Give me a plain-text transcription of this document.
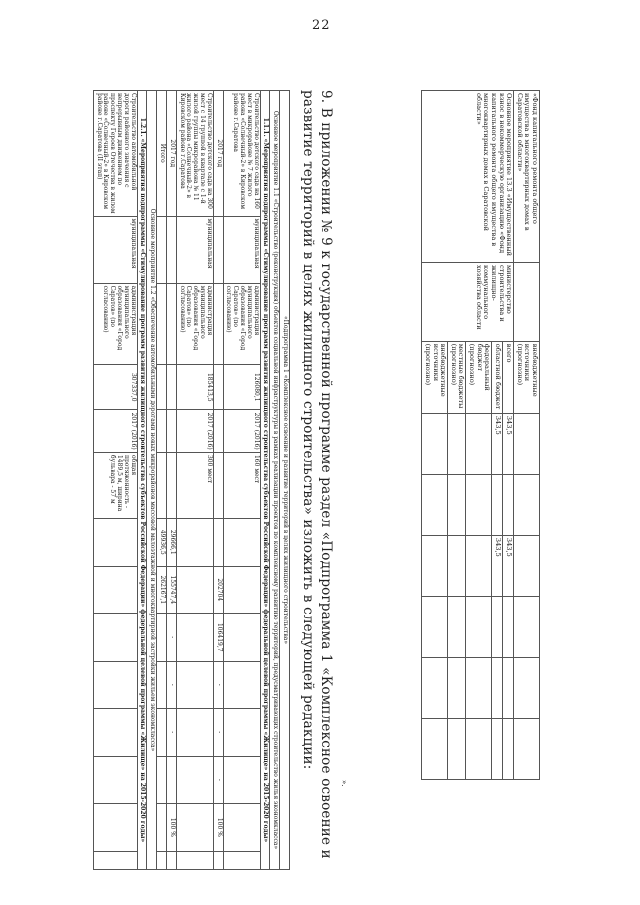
22
«Фонд капитального ремонта общего имущества в многоквартирных домах в Саратовской области»		внебюджетные источники (прогнозно)						
Основное мероприятие 13.3 «Имущественный взнос в некоммерческую организацию «Фонд капитального ремонта общего имущества в многоквартирных домах в Саратовской области»	министерство строительства и жилищно-коммунального хозяйства области	всего	343,5		343,5			
		областной бюджет	343,5		343,5			
		федеральный бюджет (прогнозно)						
		местные бюджеты (прогнозно)						
		внебюджетные источники (прогнозно)						
».
9. В приложении № 9 к государственной программе раздел «Подпрограмма 1 «Комплексное освоение и развитие территорий в целях жилищного строительства» изложить в следующей редакции:
«Подпрограмма 1 «Комплексное освоение и развитие территорий в целях жилищного строительства»													
Основное мероприятие 1.1 «Строительство (реконструкция) объектов социальной инфраструктуры в рамках реализации проектов по комплексному развитию территорий, предусматривающих строительство жилья экономкласса»													
1.1.1. «Мероприятия подпрограммы «Стимулирование программ развития жилищного строительства субъектов Российской Федерации» федеральной целевой программы «Жилище» на 2015-2020 годы»													
Строительство детского сада на 160 мест в микрорайоне № 7 жилого района «Солнечный-2» в Кировском районе г.Саратова	муниципальная	администрация муниципального образования «Город Саратов» (по согласованию)	126080,1	2017 (2016)	160 мест								
2017 год							202704	106419,7	-	-	-	100 %	
Строительство детского сада на 300 мест с 14 группой в квартале с 1-й жилой группы микрорайона № 11 жилого района «Солнечный-2» в Кировском районе г.Саратова	муниципальная	администрация муниципального образования «Город Саратов» (по согласованию)	185413,5	2017 (2016)	300 мест								
2017 год						29666,1	155747,4	-	-	-		100 %	
Итого						49936,5	262167,1						
Основное мероприятие 1.2 «Обеспечение автомобильными дорогами новых микрорайонов массовой малоэтажной и многоквартирной застройки жильем экономкласса»													
1.2.1. «Мероприятия подпрограммы «Стимулирование программ развития жилищного строительства субъектов Российской Федерации» федеральной целевой программы «Жилище» на 2015-2020 годы»													
Строительство автомобильной дороги районного значения с непрерывным движением по проспекту Героев Отечества в жилом районе «Солнечный-2» в Кировском районе г.Саратова (II этап)	муниципальная	администрация муниципального образования «Город Саратов» (по согласованию)	307337,0	2017 (2016)	общая протяженность - 1489,5 м, ширина бульвара - 57 м								
